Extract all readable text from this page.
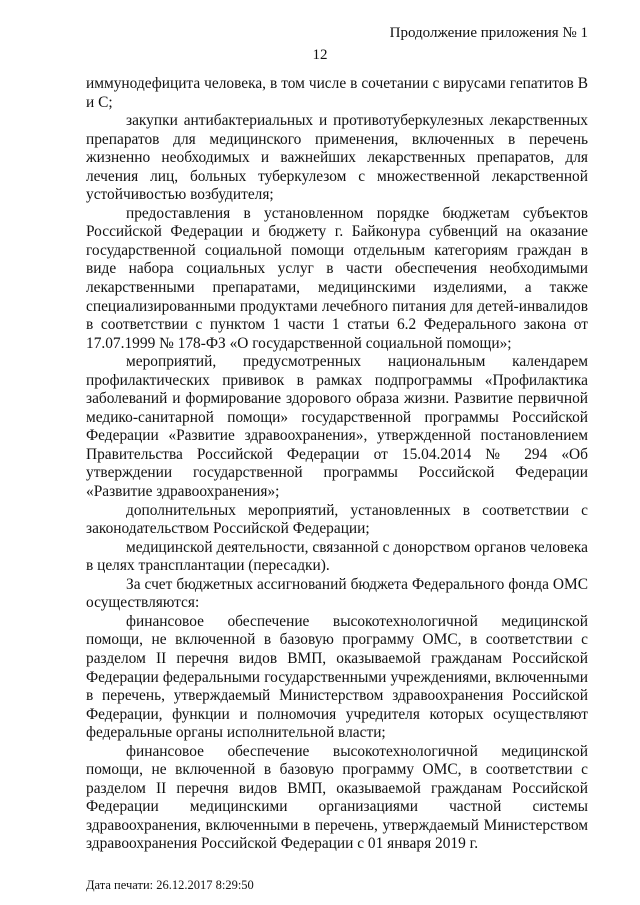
Продолжение приложения № 1
12

иммунодефицита человека, в том числе в сочетании с вирусами гепатитов B и C;

закупки антибактериальных и противотуберкулезных лекарственных препаратов для медицинского применения, включенных в перечень жизненно необходимых и важнейших лекарственных препаратов, для лечения лиц, больных туберкулезом с множественной лекарственной устойчивостью возбудителя;

предоставления в установленном порядке бюджетам субъектов Российской Федерации и бюджету г. Байконура субвенций на оказание государственной социальной помощи отдельным категориям граждан в виде набора социальных услуг в части обеспечения необходимыми лекарственными препаратами, медицинскими изделиями, а также специализированными продуктами лечебного питания для детей-инвалидов в соответствии с пунктом 1 части 1 статьи 6.2 Федерального закона от 17.07.1999 № 178-ФЗ «О государственной социальной помощи»;

мероприятий, предусмотренных национальным календарем профилактических прививок в рамках подпрограммы «Профилактика заболеваний и формирование здорового образа жизни. Развитие первичной медико-санитарной помощи» государственной программы Российской Федерации «Развитие здравоохранения», утвержденной постановлением Правительства Российской Федерации от 15.04.2014 № 294 «Об утверждении государственной программы Российской Федерации «Развитие здравоохранения»;

дополнительных мероприятий, установленных в соответствии с законодательством Российской Федерации;

медицинской деятельности, связанной с донорством органов человека в целях трансплантации (пересадки).

За счет бюджетных ассигнований бюджета Федерального фонда ОМС осуществляются:

финансовое обеспечение высокотехнологичной медицинской помощи, не включенной в базовую программу ОМС, в соответствии с разделом II перечня видов ВМП, оказываемой гражданам Российской Федерации федеральными государственными учреждениями, включенными в перечень, утверждаемый Министерством здравоохранения Российской Федерации, функции и полномочия учредителя которых осуществляют федеральные органы исполнительной власти;

финансовое обеспечение высокотехнологичной медицинской помощи, не включенной в базовую программу ОМС, в соответствии с разделом II перечня видов ВМП, оказываемой гражданам Российской Федерации медицинскими организациями частной системы здравоохранения, включенными в перечень, утверждаемый Министерством здравоохранения Российской Федерации с 01 января 2019 г.

Дата печати: 26.12.2017 8:29:50
